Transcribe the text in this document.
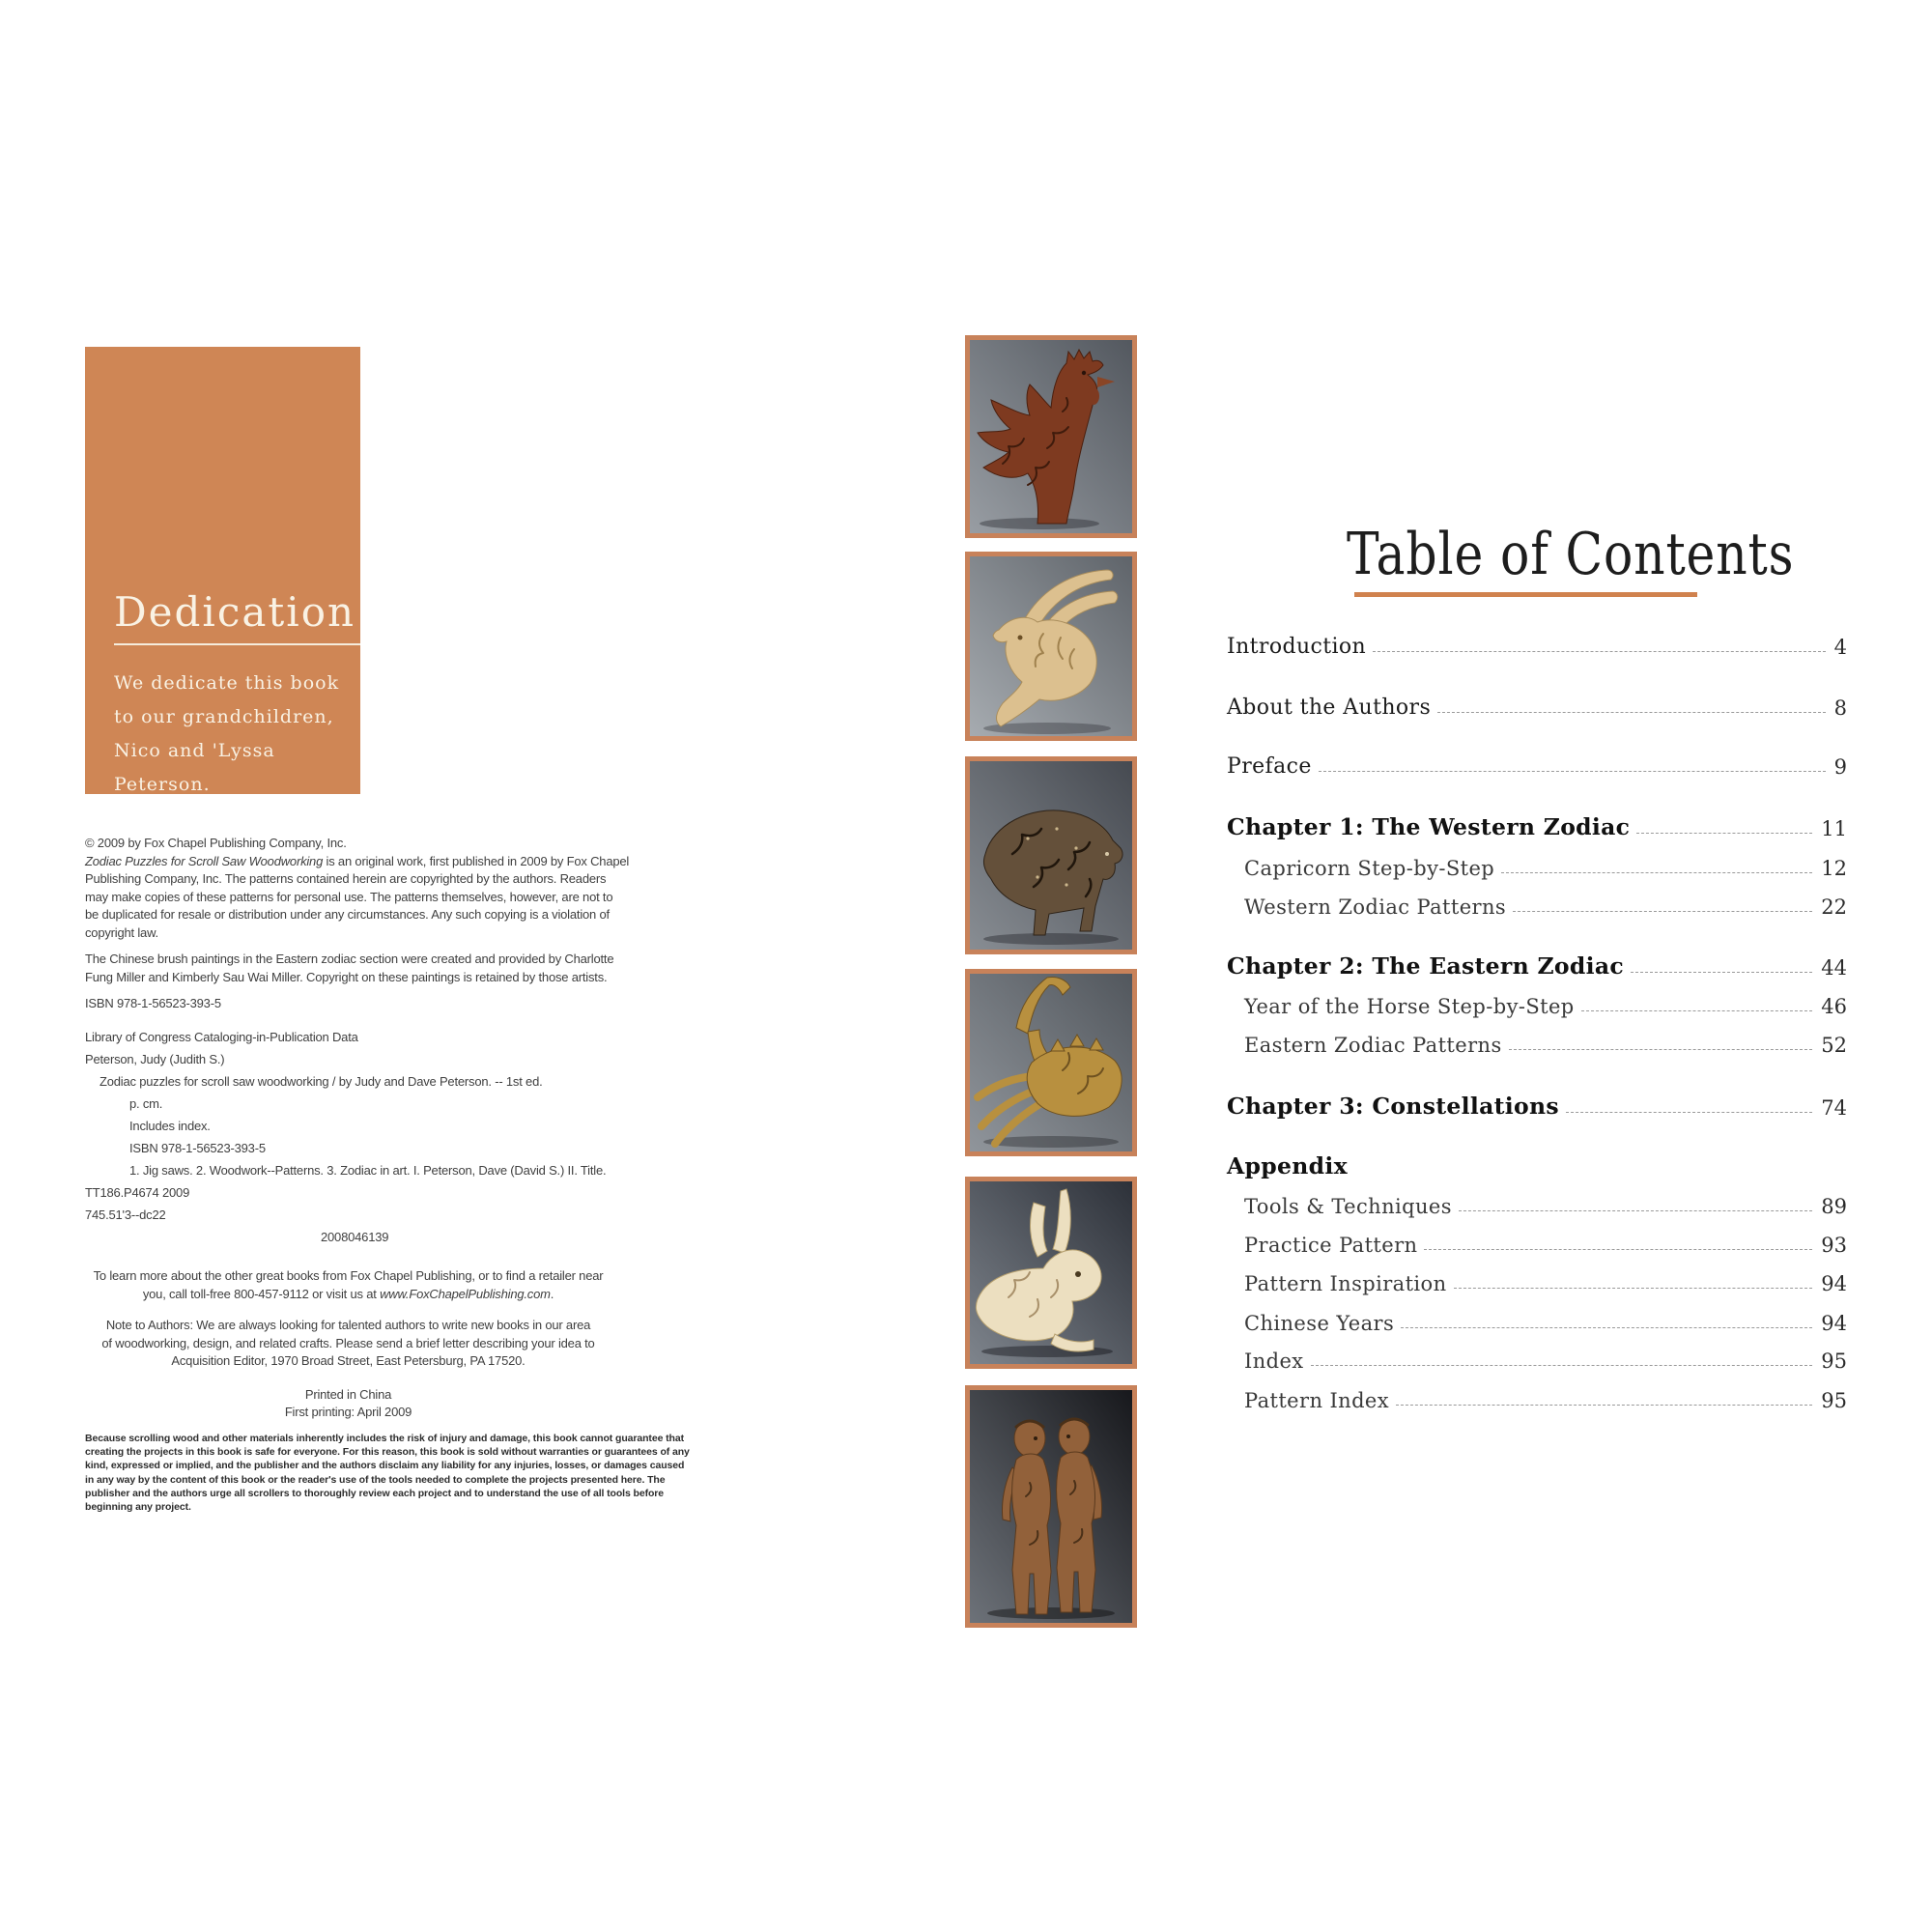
Dedication

We dedicate this book

to our grandchildren,

Nico and 'Lyssa Peterson.

© 2009 by Fox Chapel Publishing Company, Inc.

Zodiac Puzzles for Scroll Saw Woodworking is an original work, first published in 2009 by Fox Chapel
Publishing Company, Inc. The patterns contained herein are copyrighted by the authors. Readers
may make copies of these patterns for personal use. The patterns themselves, however, are not to
be duplicated for resale or distribution under any circumstances. Any such copying is a violation of
copyright law.

The Chinese brush paintings in the Eastern zodiac section were created and provided by Charlotte
Fung Miller and Kimberly Sau Wai Miller. Copyright on these paintings is retained by those artists.

ISBN 978-1-56523-393-5

Library of Congress Cataloging-in-Publication Data

Peterson, Judy (Judith S.)

Zodiac puzzles for scroll saw woodworking / by Judy and Dave Peterson. -- 1st ed.

p. cm.

Includes index.

ISBN 978-1-56523-393-5

1. Jig saws. 2. Woodwork--Patterns. 3. Zodiac in art. I. Peterson, Dave (David S.) II. Title.

TT186.P4674 2009

745.51'3--dc22

2008046139

To learn more about the other great books from Fox Chapel Publishing, or to find a retailer near
you, call toll-free 800-457-9112 or visit us at www.FoxChapelPublishing.com.

Note to Authors: We are always looking for talented authors to write new books in our area
of woodworking, design, and related crafts. Please send a brief letter describing your idea to
Acquisition Editor, 1970 Broad Street, East Petersburg, PA 17520.

Printed in China

First printing: April 2009

Because scrolling wood and other materials inherently includes the risk of injury and damage, this book cannot guarantee that
creating the projects in this book is safe for everyone. For this reason, this book is sold without warranties or guarantees of any
kind, expressed or implied, and the publisher and the authors disclaim any liability for any injuries, losses, or damages caused
in any way by the content of this book or the reader's use of the tools needed to complete the projects presented here. The
publisher and the authors urge all scrollers to thoroughly review each project and to understand the use of all tools before
beginning any project.

Table of Contents
Introduction	4
About the Authors	8
Preface	9
Chapter 1: The Western Zodiac	11
Capricorn Step-by-Step	12
Western Zodiac Patterns	22
Chapter 2: The Eastern Zodiac	44
Year of the Horse Step-by-Step	46
Eastern Zodiac Patterns	52
Chapter 3: Constellations	74
Appendix
Tools & Techniques	89
Practice Pattern	93
Pattern Inspiration	94
Chinese Years	94
Index	95
Pattern Index	95
